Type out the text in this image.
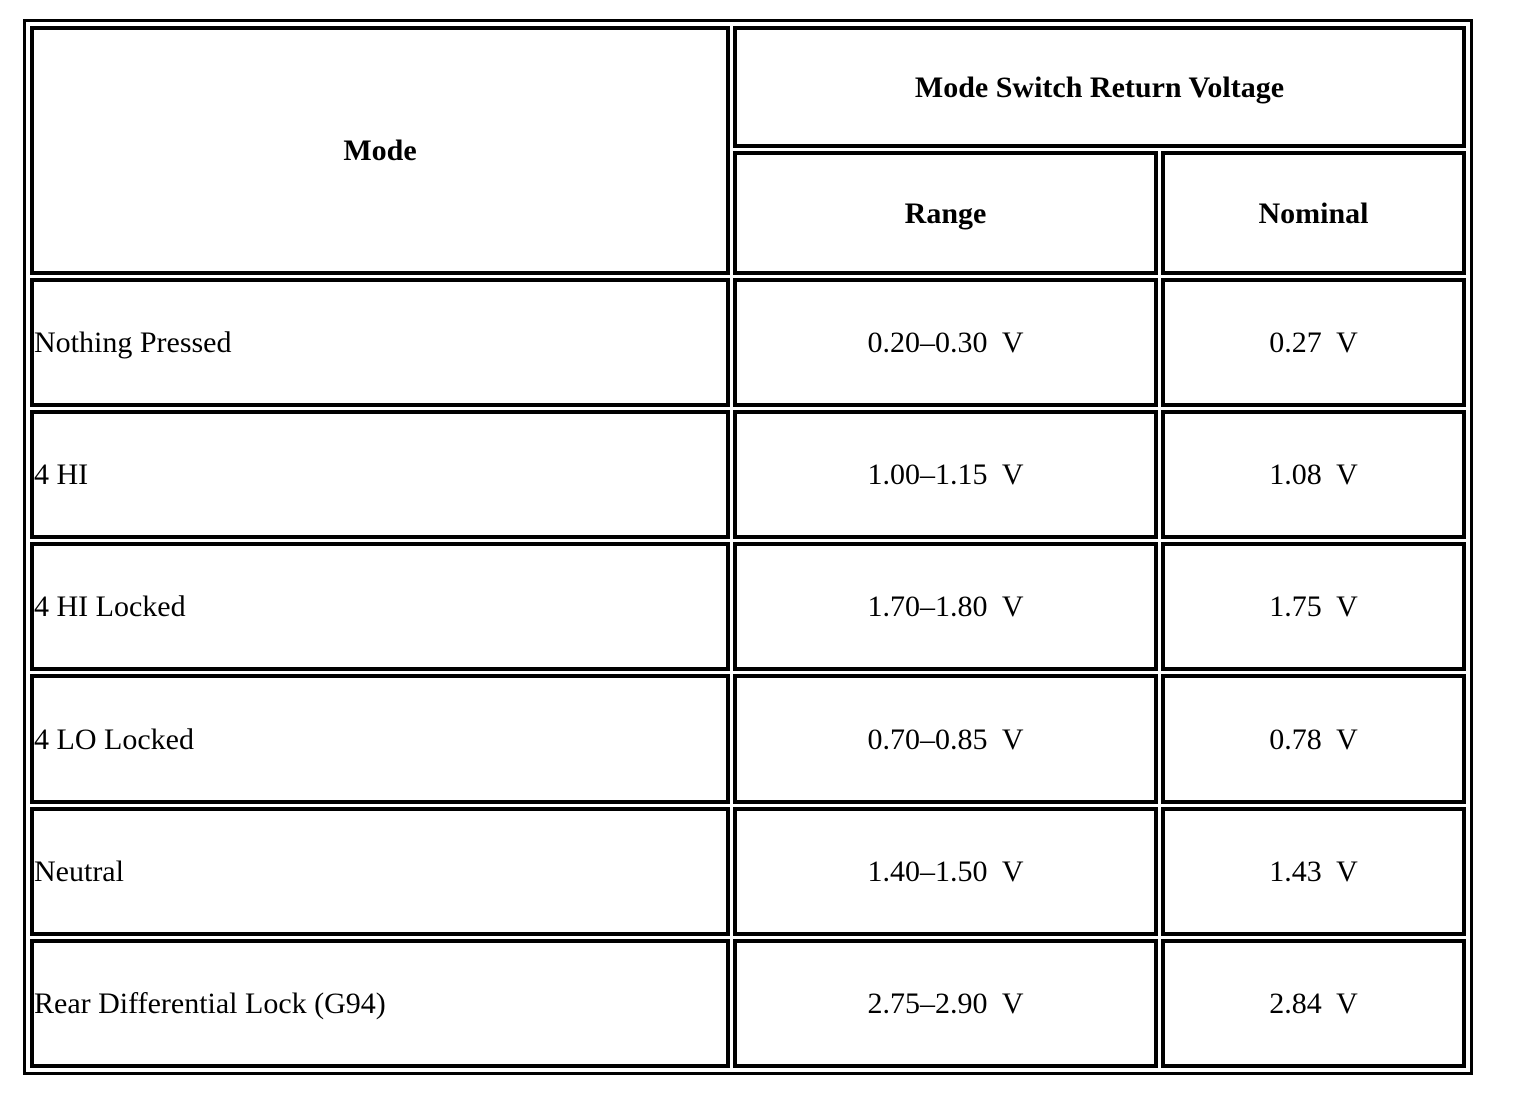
Mode	Mode Switch Return Voltage	
	Range	Nominal
Nothing Pressed	0.20–0.30  V	0.27  V
4 HI	1.00–1.15  V	1.08  V
4 HI Locked	1.70–1.80  V	1.75  V
4 LO Locked	0.70–0.85  V	0.78  V
Neutral	1.40–1.50  V	1.43  V
Rear Differential Lock (G94)	2.75–2.90  V	2.84  V
